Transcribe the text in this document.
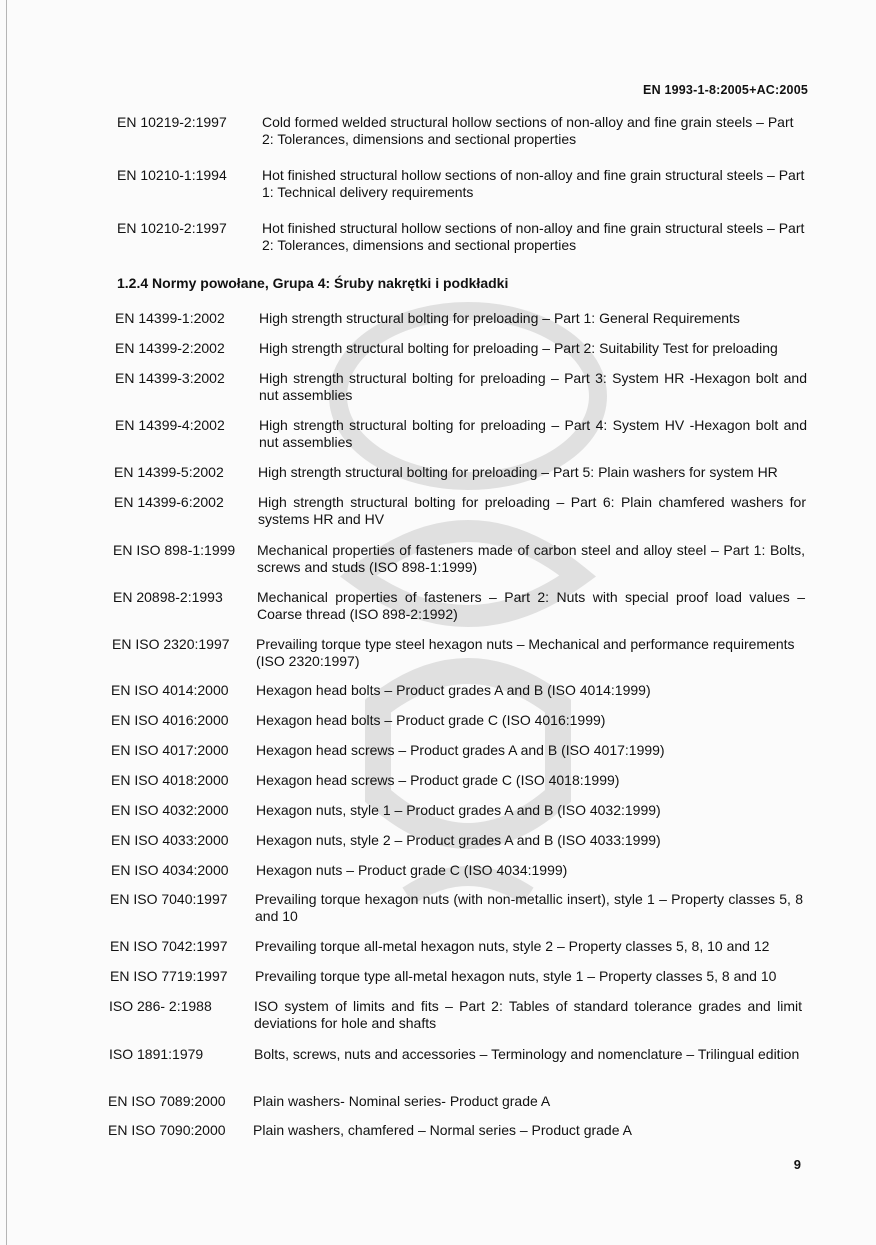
EN 1993-1-8:2005+AC:2005
EN 10219-2:1997	Cold formed welded structural hollow sections of non-alloy and fine grain steels – Part 2: Tolerances, dimensions and sectional properties
EN 10210-1:1994	Hot finished structural hollow sections of non-alloy and fine grain structural steels – Part 1: Technical delivery requirements
EN 10210-2:1997	Hot finished structural hollow sections of non-alloy and fine grain structural steels – Part 2: Tolerances, dimensions and sectional properties
1.2.4 Normy powołane, Grupa 4: Śruby nakrętki i podkładki
EN 14399-1:2002 High strength structural bolting for preloading – Part 1: General Requirements
EN 14399-2:2002 High strength structural bolting for preloading – Part 2: Suitability Test for preloading
EN 14399-3:2002 High strength structural bolting for preloading – Part 3: System HR -Hexagon bolt and nut assemblies
EN 14399-4:2002 High strength structural bolting for preloading – Part 4: System HV -Hexagon bolt and nut assemblies
EN 14399-5:2002 High strength structural bolting for preloading – Part 5: Plain washers for system HR
EN 14399-6:2002 High strength structural bolting for preloading – Part 6: Plain chamfered washers for systems HR and HV
EN ISO 898-1:1999 Mechanical properties of fasteners made of carbon steel and alloy steel – Part 1: Bolts, screws and studs (ISO 898-1:1999)
EN 20898-2:1993 Mechanical properties of fasteners – Part 2: Nuts with special proof load values – Coarse thread (ISO 898-2:1992)
EN ISO 2320:1997 Prevailing torque type steel hexagon nuts – Mechanical and performance requirements (ISO 2320:1997)
EN ISO 4014:2000 Hexagon head bolts – Product grades A and B (ISO 4014:1999)
EN ISO 4016:2000 Hexagon head bolts – Product grade C (ISO 4016:1999)
EN ISO 4017:2000 Hexagon head screws – Product grades A and B (ISO 4017:1999)
EN ISO 4018:2000 Hexagon head screws – Product grade C (ISO 4018:1999)
EN ISO 4032:2000 Hexagon nuts, style 1 – Product grades A and B (ISO 4032:1999)
EN ISO 4033:2000 Hexagon nuts, style 2 – Product grades A and B (ISO 4033:1999)
EN ISO 4034:2000 Hexagon nuts – Product grade C (ISO 4034:1999)
EN ISO 7040:1997 Prevailing torque hexagon nuts (with non-metallic insert), style 1 – Property classes 5, 8 and 10
EN ISO 7042:1997 Prevailing torque all-metal hexagon nuts, style 2 – Property classes 5, 8, 10 and 12
EN ISO 7719:1997 Prevailing torque type all-metal hexagon nuts, style 1 – Property classes 5, 8 and 10
ISO 286- 2:1988	ISO system of limits and fits – Part 2: Tables of standard tolerance grades and limit deviations for hole and shafts
ISO 1891:1979	Bolts, screws, nuts and accessories – Terminology and nomenclature – Trilingual edition
EN ISO 7089:2000 Plain washers- Nominal series- Product grade A
EN ISO 7090:2000 Plain washers, chamfered – Normal series – Product grade A
9
